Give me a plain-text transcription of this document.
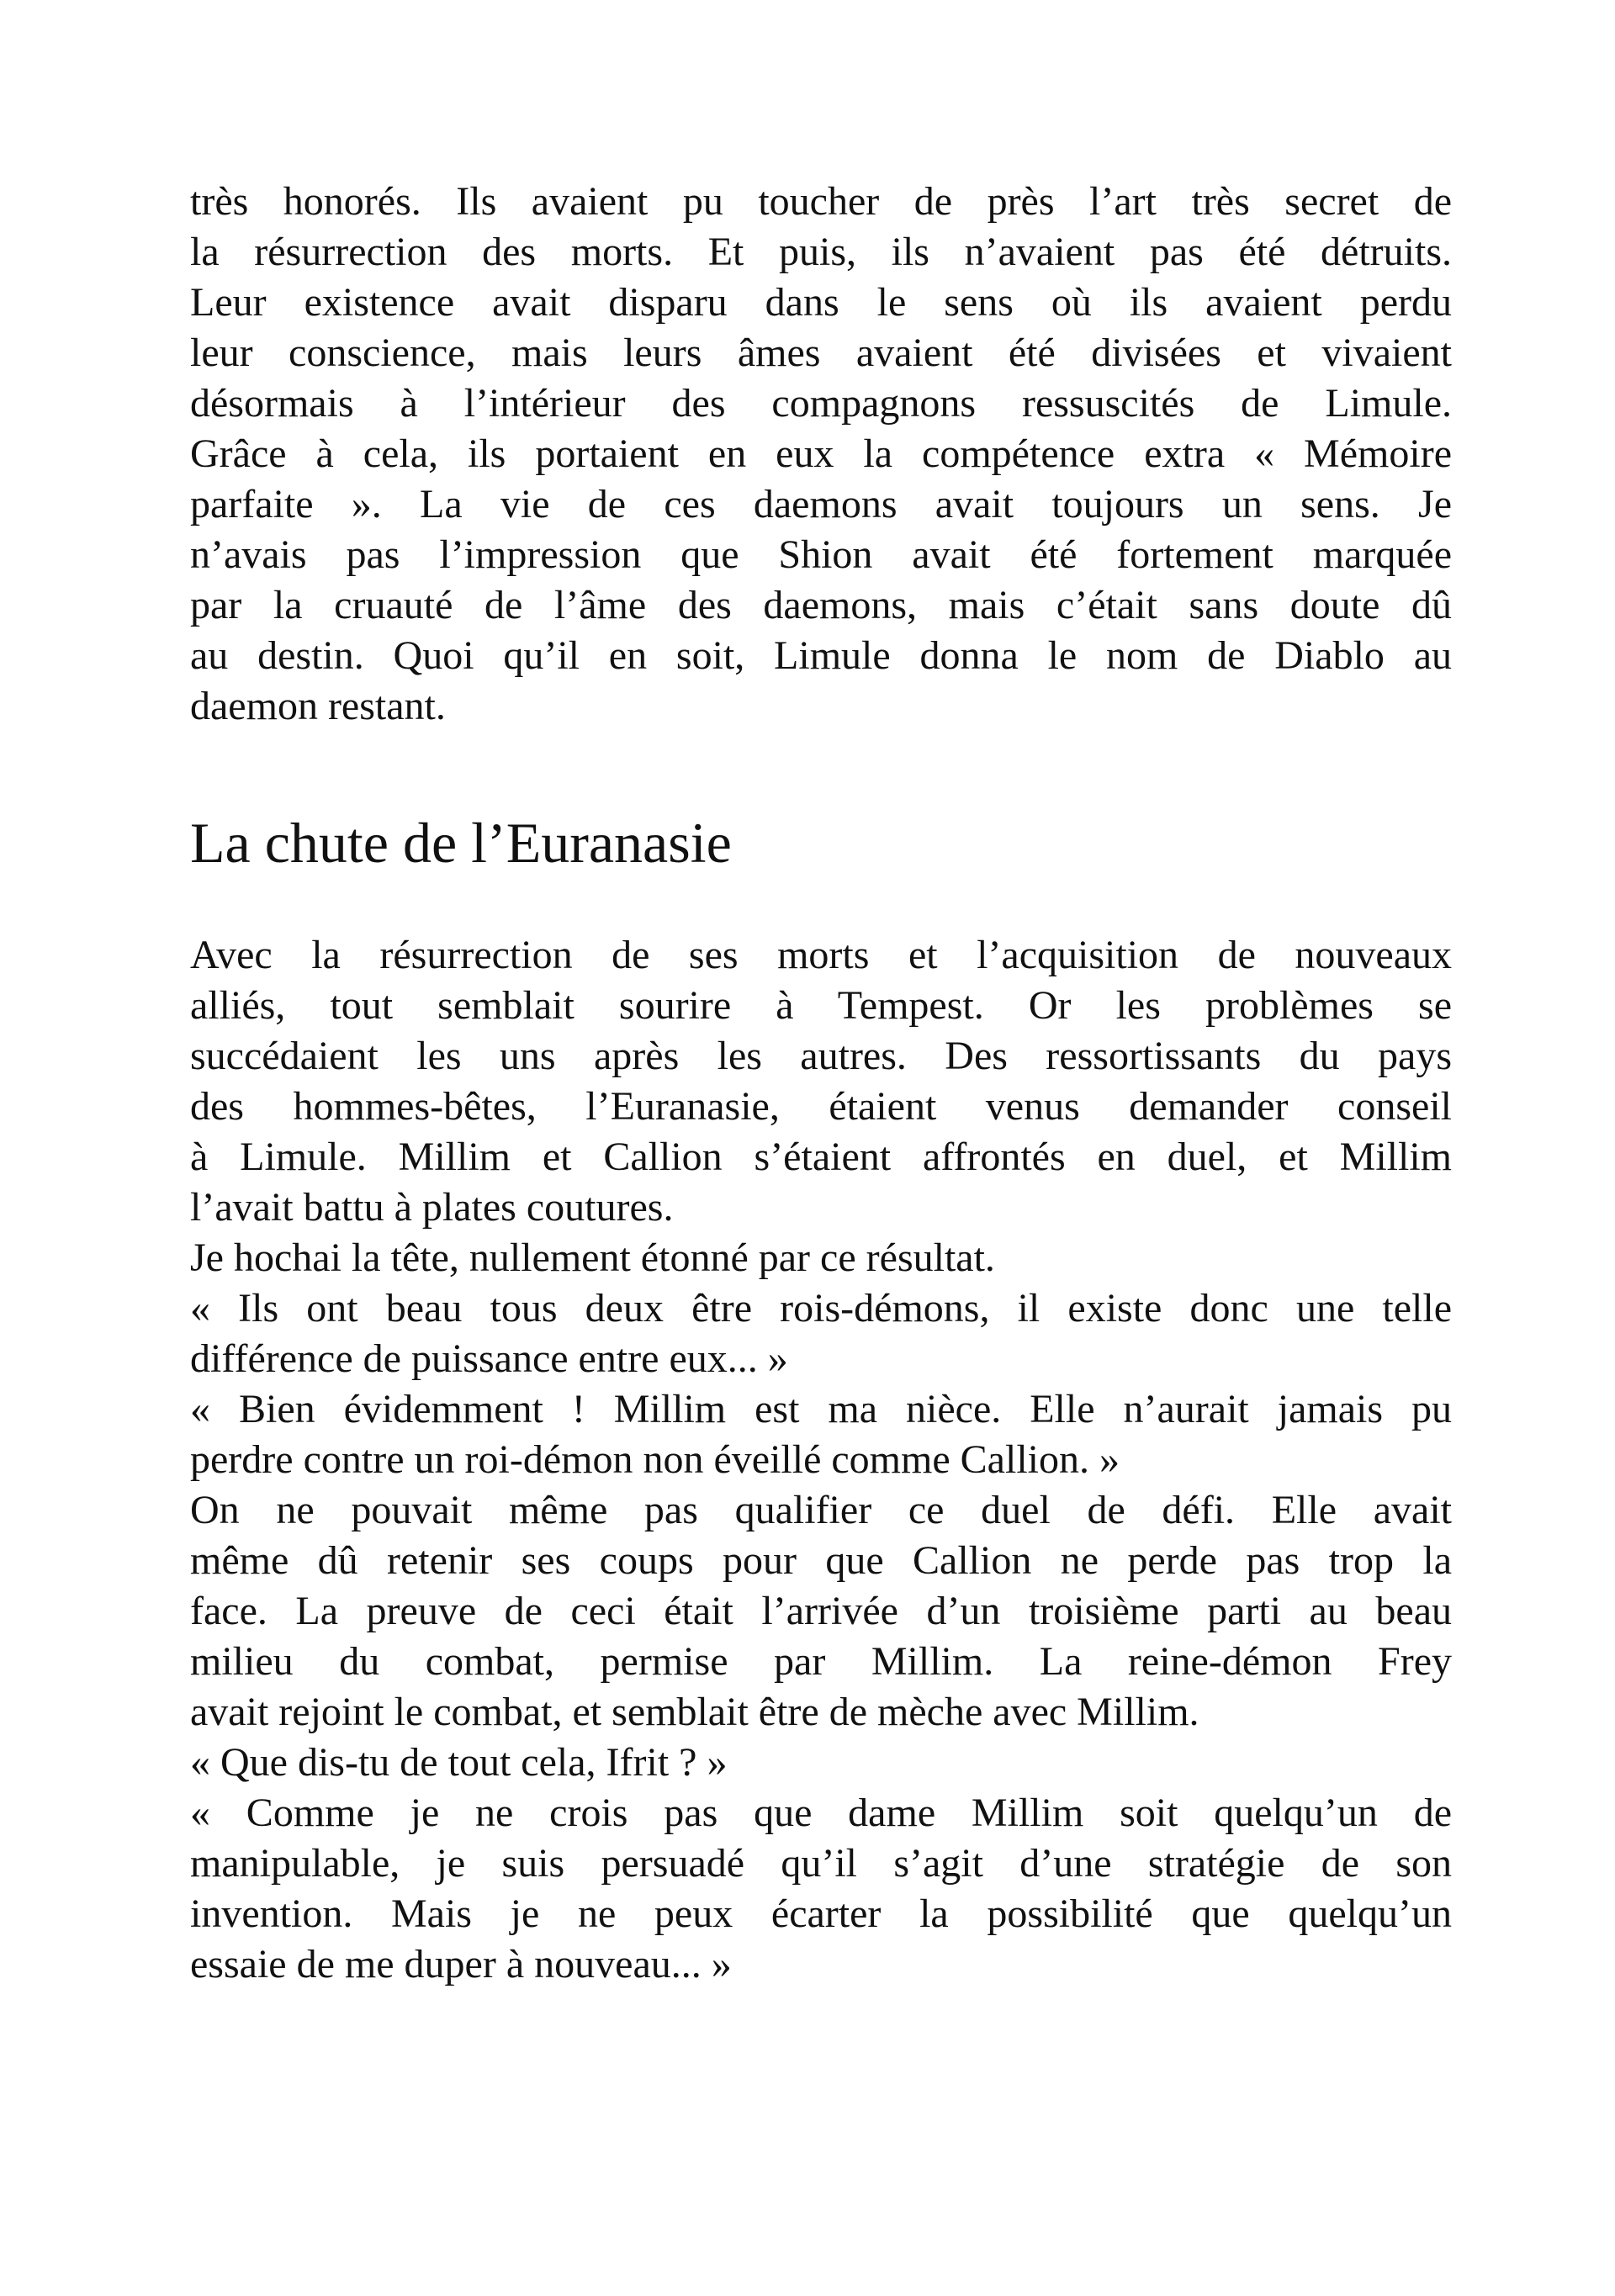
très honorés. Ils avaient pu toucher de près l’art très secret de
la résurrection des morts. Et puis, ils n’avaient pas été détruits.
Leur existence avait disparu dans le sens où ils avaient perdu
leur conscience, mais leurs âmes avaient été divisées et vivaient
désormais à l’intérieur des compagnons ressuscités de Limule.
Grâce à cela, ils portaient en eux la compétence extra « Mémoire
parfaite ». La vie de ces daemons avait toujours un sens. Je
n’avais pas l’impression que Shion avait été fortement marquée
par la cruauté de l’âme des daemons, mais c’était sans doute dû
au destin. Quoi qu’il en soit, Limule donna le nom de Diablo au
daemon restant.
La chute de l’Euranasie
Avec la résurrection de ses morts et l’acquisition de nouveaux
alliés, tout semblait sourire à Tempest. Or les problèmes se
succédaient les uns après les autres. Des ressortissants du pays
des hommes-bêtes, l’Euranasie, étaient venus demander conseil
à Limule. Millim et Callion s’étaient affrontés en duel, et Millim
l’avait battu à plates coutures.
Je hochai la tête, nullement étonné par ce résultat.
« Ils ont beau tous deux être rois-démons, il existe donc une telle
différence de puissance entre eux... »
« Bien évidemment ! Millim est ma nièce. Elle n’aurait jamais pu
perdre contre un roi-démon non éveillé comme Callion. »
On ne pouvait même pas qualifier ce duel de défi. Elle avait
même dû retenir ses coups pour que Callion ne perde pas trop la
face. La preuve de ceci était l’arrivée d’un troisième parti au beau
milieu du combat, permise par Millim. La reine-démon Frey
avait rejoint le combat, et semblait être de mèche avec Millim.
« Que dis-tu de tout cela, Ifrit ? »
« Comme je ne crois pas que dame Millim soit quelqu’un de
manipulable, je suis persuadé qu’il s’agit d’une stratégie de son
invention. Mais je ne peux écarter la possibilité que quelqu’un
essaie de me duper à nouveau... »
